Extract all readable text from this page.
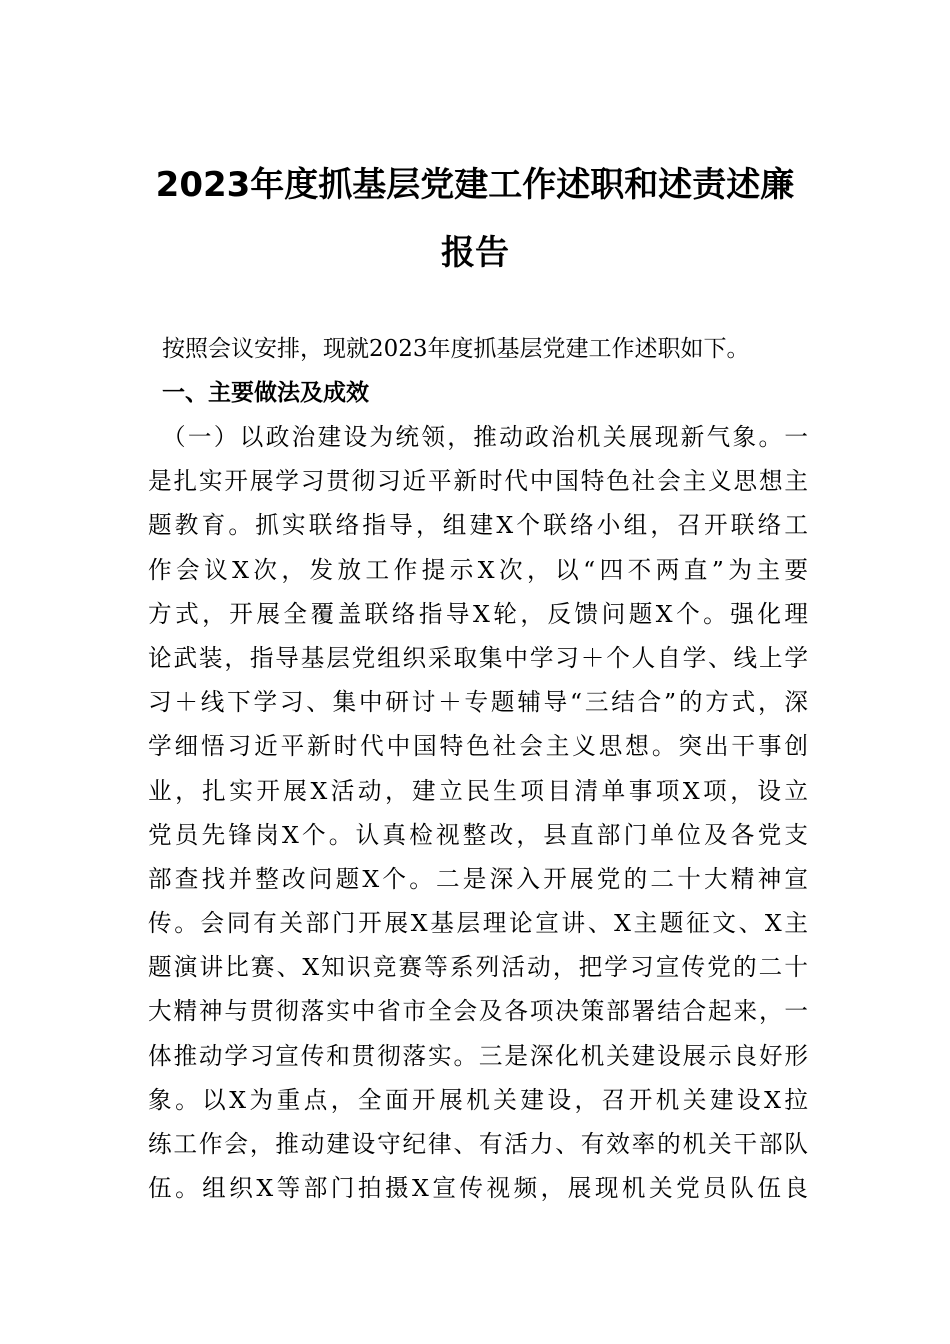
2023年度抓基层党建工作述职和述责述廉
报告
按照会议安排，现就2023年度抓基层党建工作述职如下。
一、主要做法及成效
（一）以政治建设为统领，推动政治机关展现新气象。一
是扎实开展学习贯彻习近平新时代中国特色社会主义思想主
题教育。抓实联络指导，组建X个联络小组，召开联络工
作会议X次，发放工作提示X次，以“四不两直”为主要
方式，开展全覆盖联络指导X轮，反馈问题X个。强化理
论武装，指导基层党组织采取集中学习＋个人自学、线上学
习＋线下学习、集中研讨＋专题辅导“三结合”的方式，深
学细悟习近平新时代中国特色社会主义思想。突出干事创
业，扎实开展X活动，建立民生项目清单事项X项，设立
党员先锋岗X个。认真检视整改，县直部门单位及各党支
部查找并整改问题X个。二是深入开展党的二十大精神宣
传。会同有关部门开展X基层理论宣讲、X主题征文、X主
题演讲比赛、X知识竞赛等系列活动，把学习宣传党的二十
大精神与贯彻落实中省市全会及各项决策部署结合起来，一
体推动学习宣传和贯彻落实。三是深化机关建设展示良好形
象。以X为重点，全面开展机关建设，召开机关建设X拉
练工作会，推动建设守纪律、有活力、有效率的机关干部队
伍。组织X等部门拍摄X宣传视频，展现机关党员队伍良
